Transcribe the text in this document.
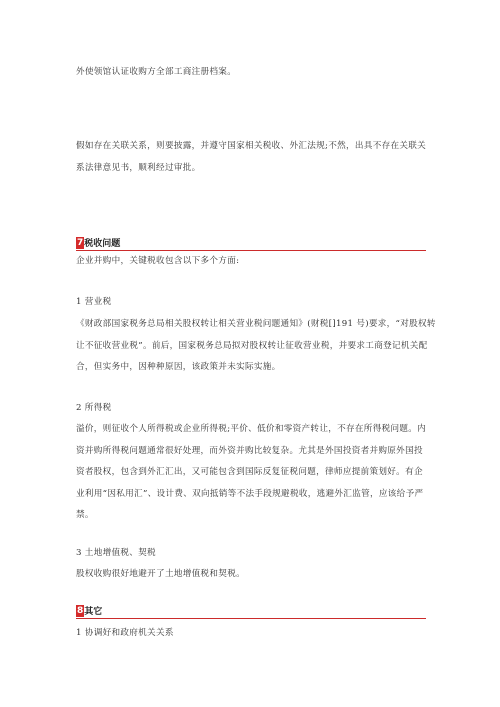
外使领馆认证收购方全部工商注册档案。

假如存在关联关系，则要披露，并遵守国家相关税收、外汇法规;不然，出具不存在关联关
系法律意见书，顺利经过审批。

7税收问题

企业并购中，关键税收包含以下多个方面:

1 营业税

《财政部国家税务总局相关股权转让相关营业税问题通知》(财税[]191 号)要求，“对股权转
让不征收营业税”。前后，国家税务总局拟对股权转让征收营业税，并要求工商登记机关配
合，但实务中，因种种原因，该政策并未实际实施。

2 所得税

溢价，则征收个人所得税或企业所得税;平价、低价和零资产转让，不存在所得税问题。内
资并购所得税问题通常很好处理，而外资并购比较复杂。尤其是外国投资者并购原外国投
资者股权，包含到外汇汇出，又可能包含到国际反复征税问题，律师应提前策划好。有企
业利用“因私用汇”、设计费、双向抵销等不法手段规避税收，逃避外汇监管，应该给予严
禁。

3 土地增值税、契税

股权收购很好地避开了土地增值税和契税。

8其它

1 协调好和政府机关关系
